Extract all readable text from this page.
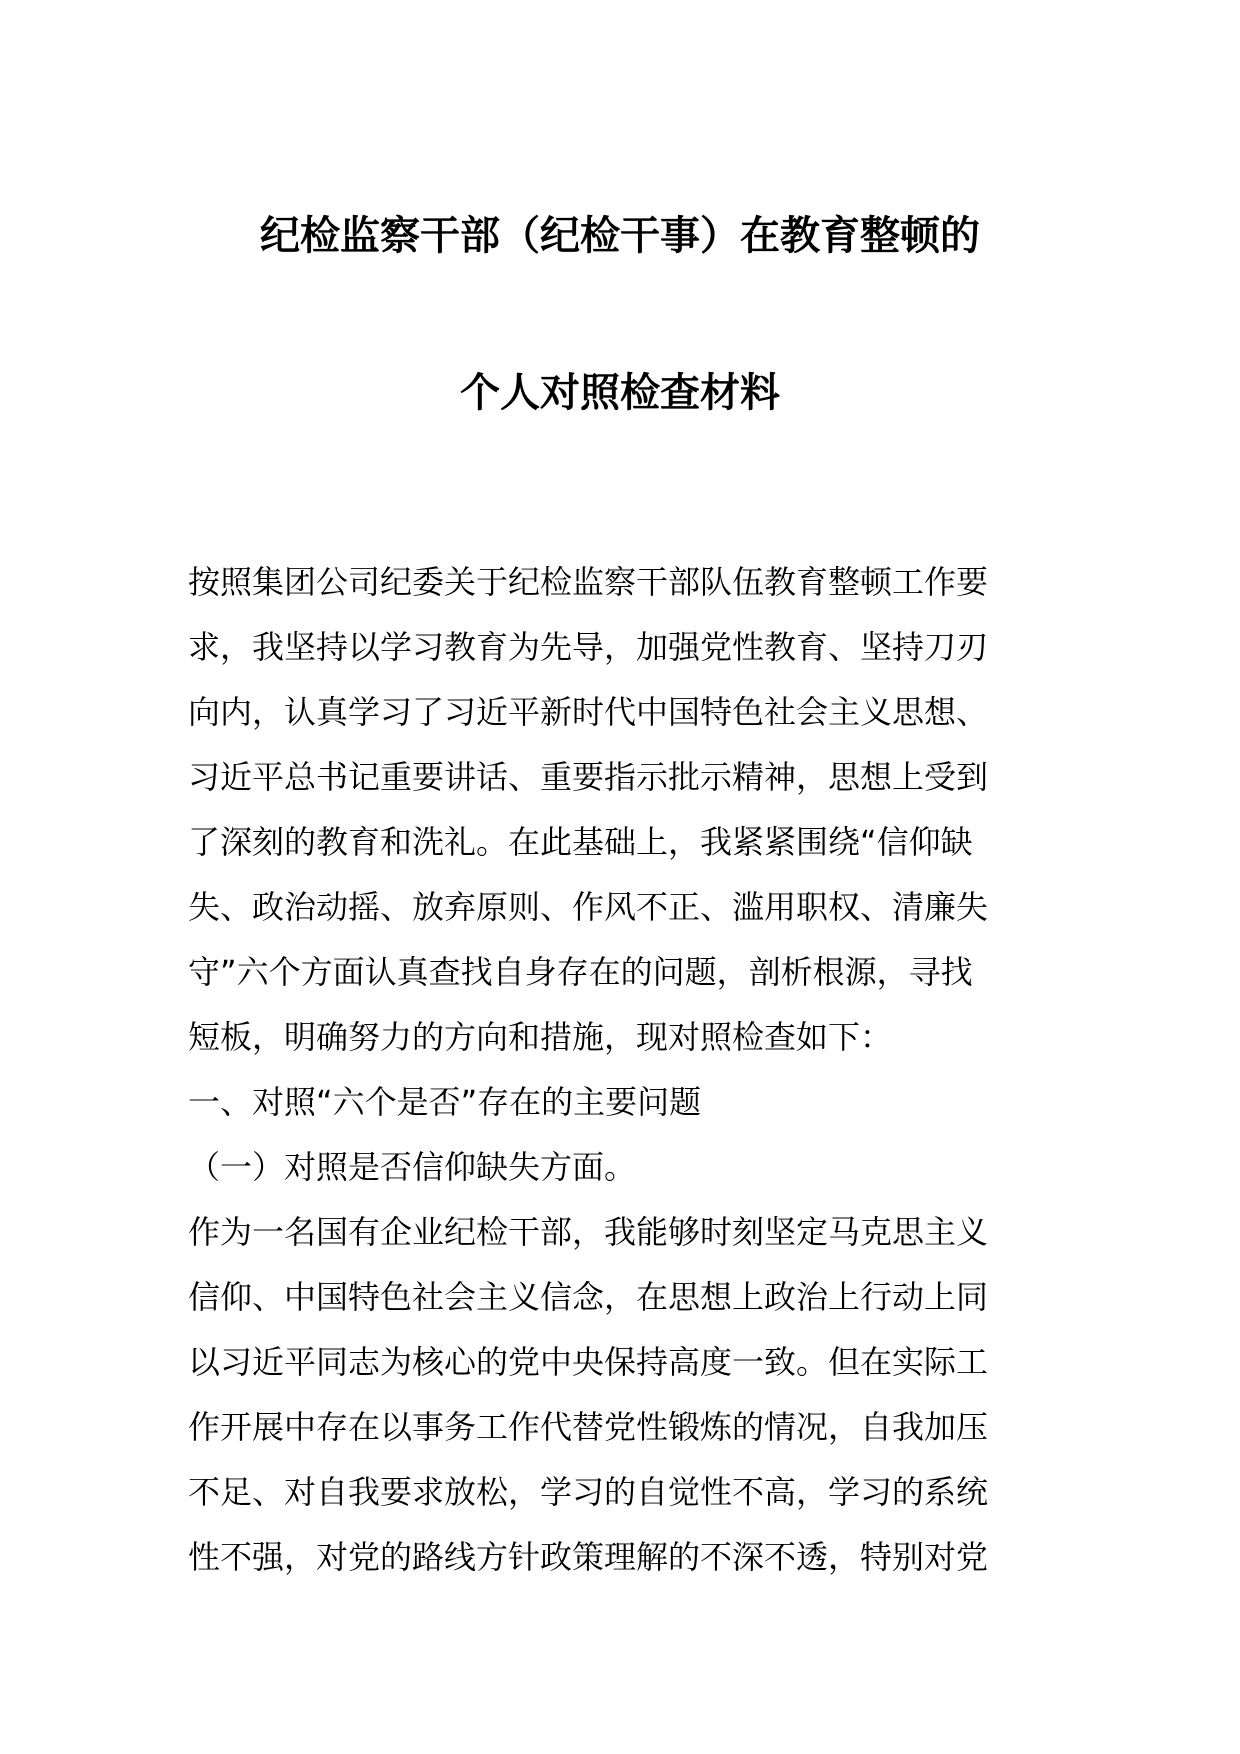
纪检监察干部（纪检干事）在教育整顿的
个人对照检查材料
按照集团公司纪委关于纪检监察干部队伍教育整顿工作要
求，我坚持以学习教育为先导，加强党性教育、坚持刀刃
向内，认真学习了习近平新时代中国特色社会主义思想、
习近平总书记重要讲话、重要指示批示精神，思想上受到
了深刻的教育和洗礼。在此基础上，我紧紧围绕“信仰缺
失、政治动摇、放弃原则、作风不正、滥用职权、清廉失
守”六个方面认真查找自身存在的问题，剖析根源，寻找
短板，明确努力的方向和措施，现对照检查如下：
一、对照“六个是否”存在的主要问题
（一）对照是否信仰缺失方面。
作为一名国有企业纪检干部，我能够时刻坚定马克思主义
信仰、中国特色社会主义信念，在思想上政治上行动上同
以习近平同志为核心的党中央保持高度一致。但在实际工
作开展中存在以事务工作代替党性锻炼的情况，自我加压
不足、对自我要求放松，学习的自觉性不高，学习的系统
性不强，对党的路线方针政策理解的不深不透，特别对党
